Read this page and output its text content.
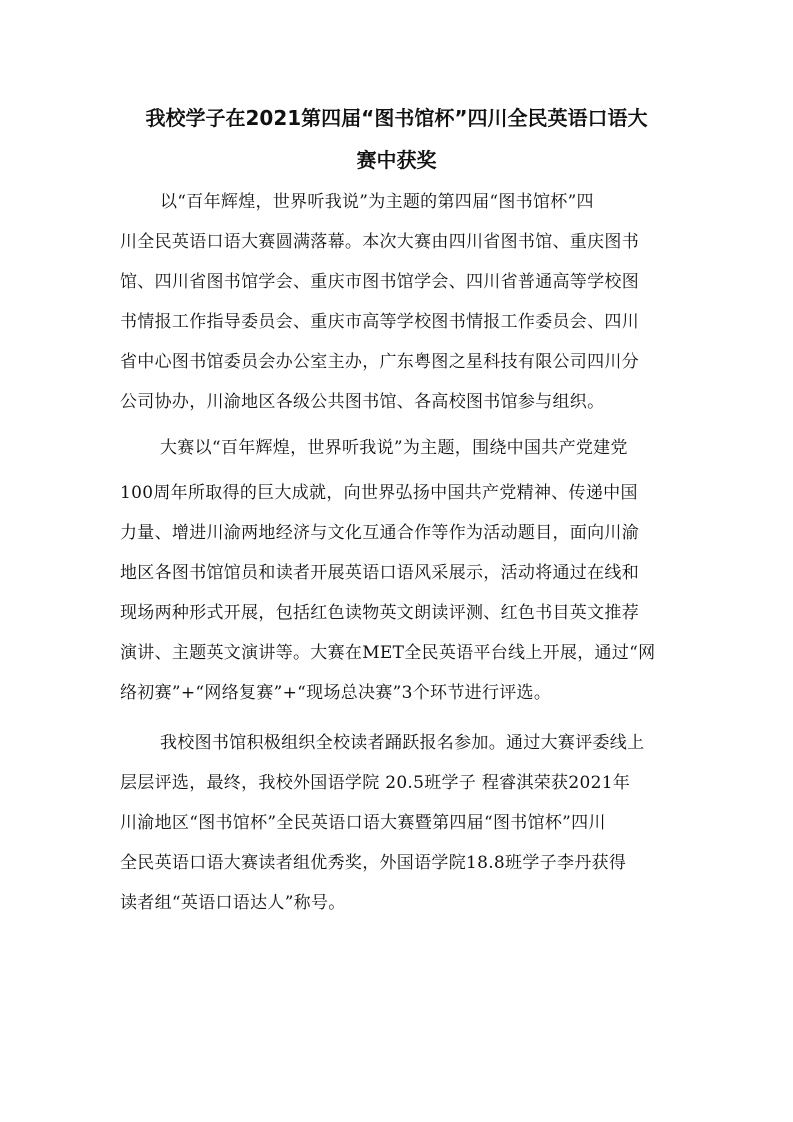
我校学子在2021第四届“图书馆杯”四川全民英语口语大
赛中获奖
以“百年辉煌，世界听我说”为主题的第四届“图书馆杯”四
川全民英语口语大赛圆满落幕。本次大赛由四川省图书馆、重庆图书
馆、四川省图书馆学会、重庆市图书馆学会、四川省普通高等学校图
书情报工作指导委员会、重庆市高等学校图书情报工作委员会、四川
省中心图书馆委员会办公室主办，广东粤图之星科技有限公司四川分
公司协办，川渝地区各级公共图书馆、各高校图书馆参与组织。
大赛以“百年辉煌，世界听我说”为主题，围绕中国共产党建党
100周年所取得的巨大成就，向世界弘扬中国共产党精神、传递中国
力量、增进川渝两地经济与文化互通合作等作为活动题目，面向川渝
地区各图书馆馆员和读者开展英语口语风采展示，活动将通过在线和
现场两种形式开展，包括红色读物英文朗读评测、红色书目英文推荐
演讲、主题英文演讲等。大赛在MET全民英语平台线上开展，通过“网
络初赛”+“网络复赛”+“现场总决赛”3个环节进行评选。
我校图书馆积极组织全校读者踊跃报名参加。通过大赛评委线上
层层评选，最终，我校外国语学院 20.5班学子 程睿淇荣获2021年
川渝地区“图书馆杯”全民英语口语大赛暨第四届“图书馆杯”四川
全民英语口语大赛读者组优秀奖，外国语学院18.8班学子李丹获得
读者组“英语口语达人”称号。
